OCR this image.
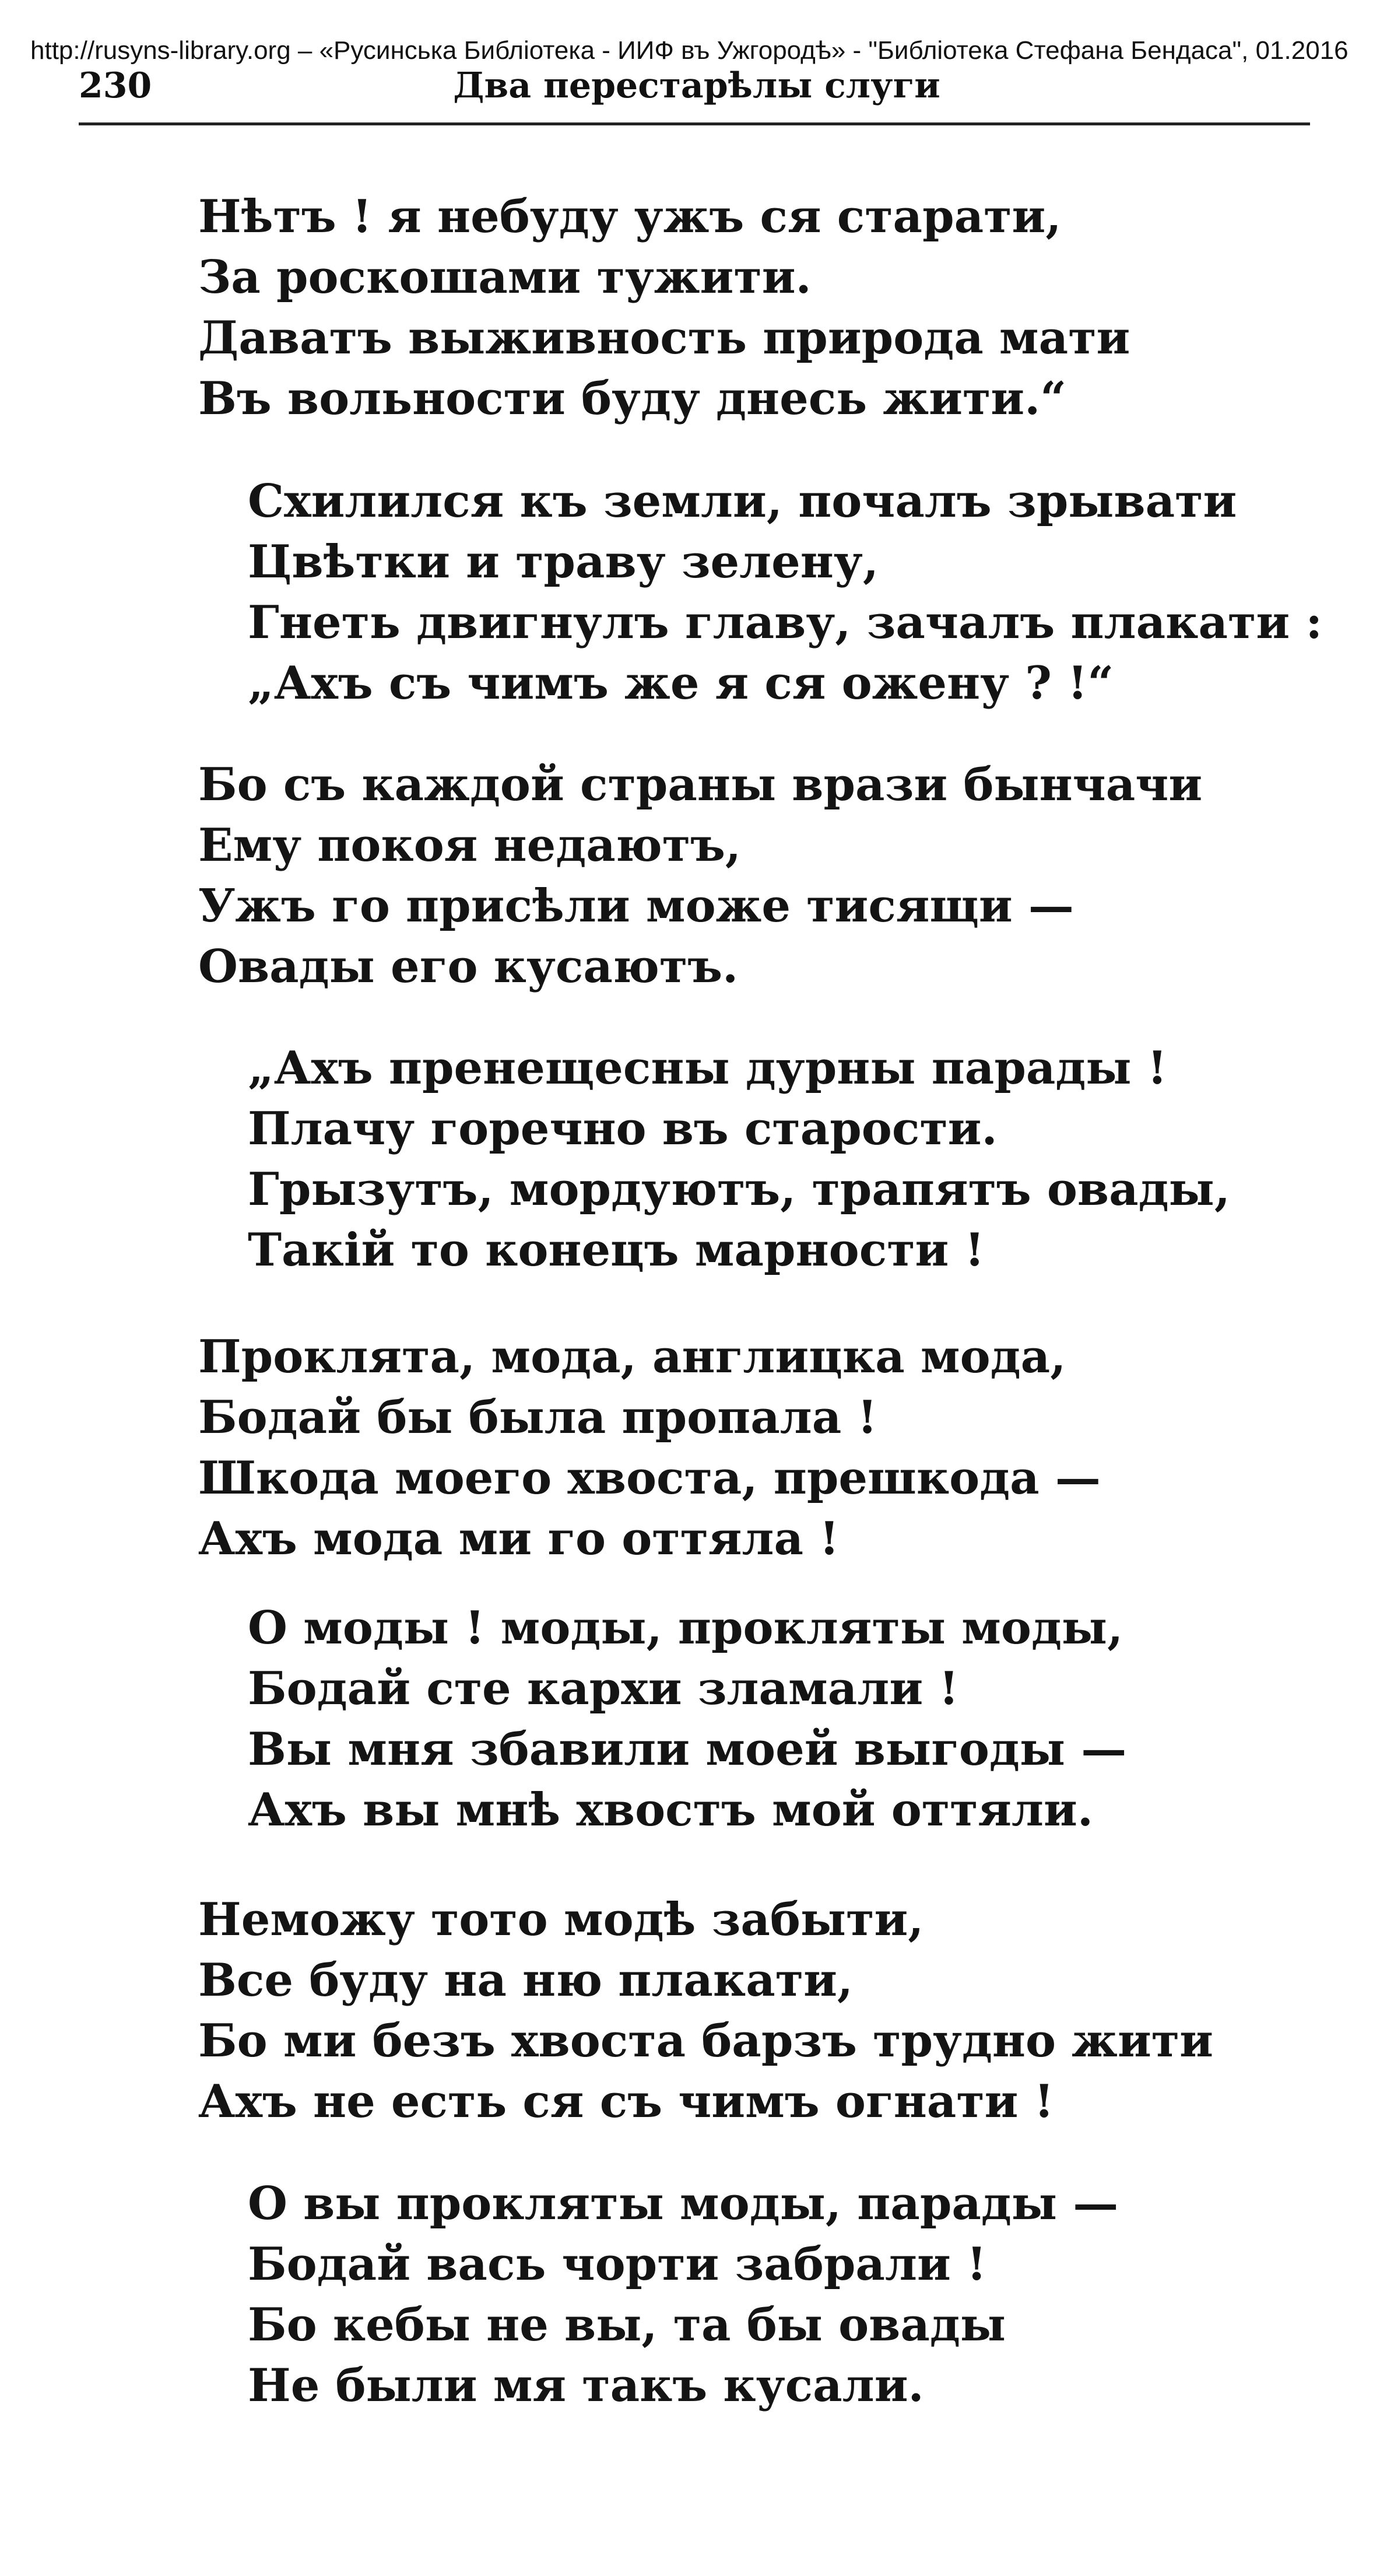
http://rusyns-library.org – «Русинська Библіотека - ИИФ въ Ужгородѣ» - "Библіотека Стефана Бендаса", 01.2016
230	Два перестарѣлы слуги
Нѣтъ ! я небуду ужъ ся старати,
За роскошами тужити.
Даватъ выживность природа мати
Въ вольности буду днесь жити.“
Схилился къ земли, почалъ зрывати
Цвѣтки и траву зелену,
Гнеть двигнулъ главу, зачалъ плакати :
„Ахъ съ чимъ же я ся ожену ? !“
Бо съ каждой страны врази бынчачи
Ему покоя недаютъ,
Ужъ го присѣли може тисящи —
Овады его кусаютъ.
„Ахъ пренещесны дурны парады !
Плачу горечно въ старости.
Грызутъ, мордуютъ, трапятъ овады,
Такій то конецъ марности !
Проклята, мода, англицка мода,
Бодай бы была пропала !
Шкода моего хвоста, прешкода —
Ахъ мода ми го оттяла !
О моды ! моды, прокляты моды,
Бодай сте кархи зламали !
Вы мня збавили моей выгоды —
Ахъ вы мнѣ хвостъ мой оттяли.
Неможу тото модѣ забыти,
Все буду на ню плакати,
Бо ми безъ хвоста барзъ трудно жити
Ахъ не есть ся съ чимъ огнати !
О вы прокляты моды, парады —
Бодай вась чорти забрали !
Бо кебы не вы, та бы овады
Не были мя такъ кусали.
